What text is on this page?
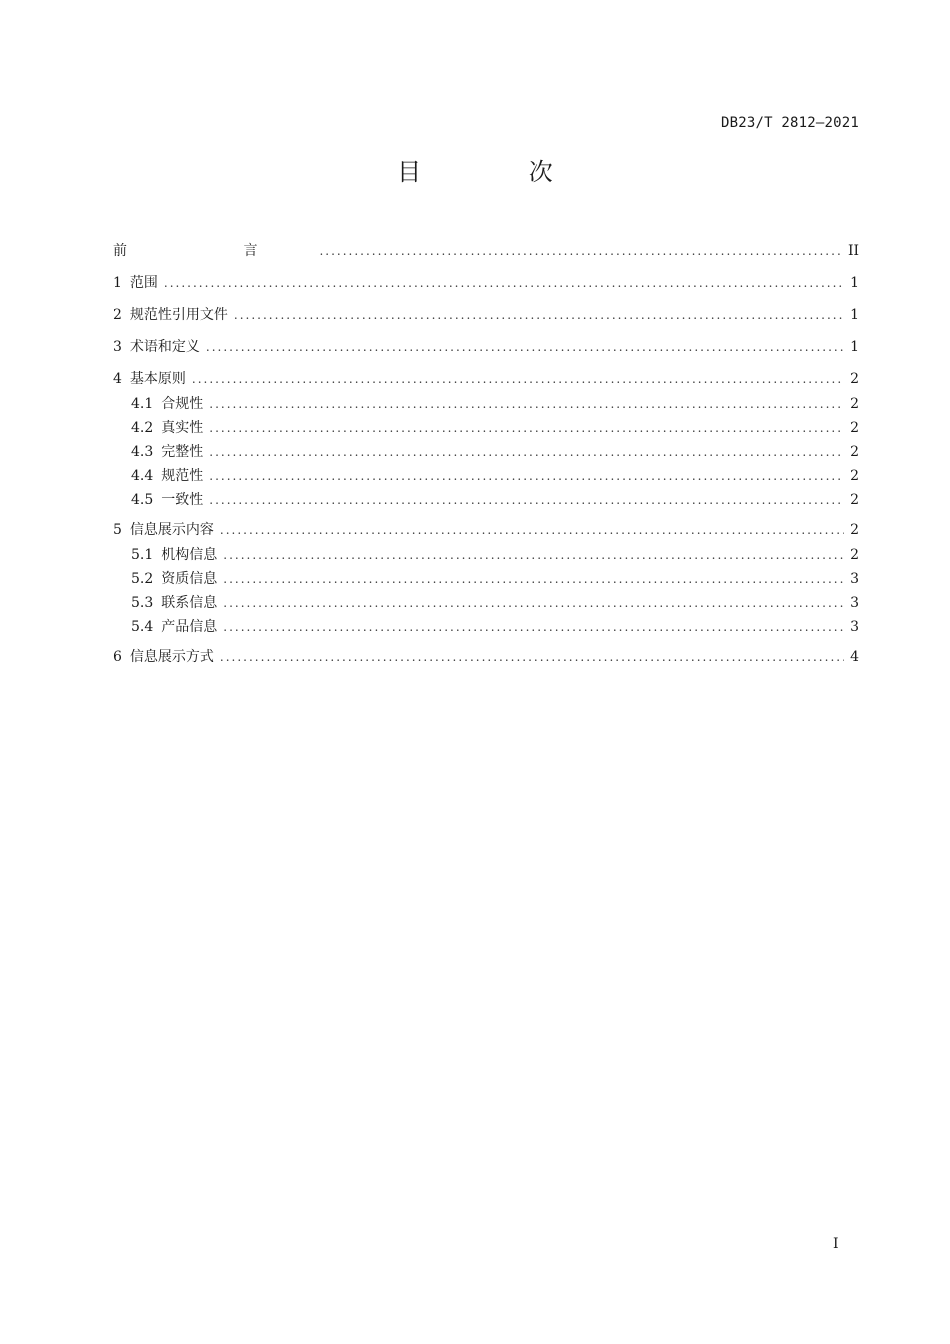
DB23/T 2812—2021
目 次
前 言 .....	II
1 范围 .....	1
2 规范性引用文件 .....	1
3 术语和定义 .....	1
4 基本原则 .....	2
4.1 合规性 .....	2
4.2 真实性 .....	2
4.3 完整性 .....	2
4.4 规范性 .....	2
4.5 一致性 .....	2
5 信息展示内容 .....	2
5.1 机构信息 .....	2
5.2 资质信息 .....	3
5.3 联系信息 .....	3
5.4 产品信息 .....	3
6 信息展示方式 .....	4
I
